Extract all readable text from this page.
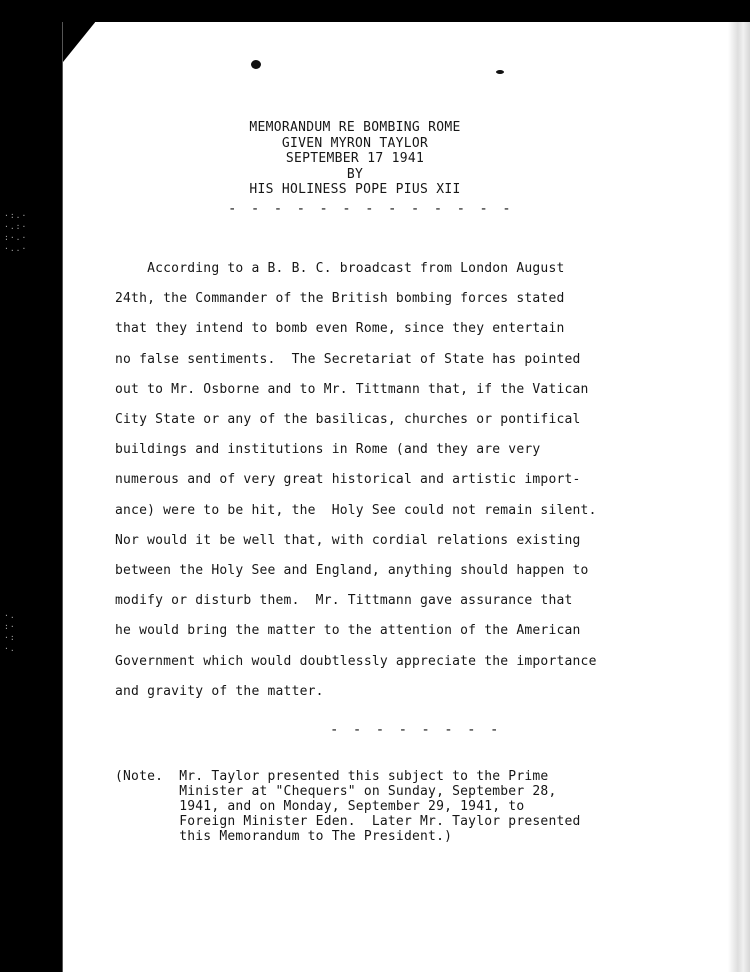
·:.·
·.:·
:·.·
·..·
·.
:·
·:
·.
MEMORANDUM RE BOMBING ROME
GIVEN MYRON TAYLOR
SEPTEMBER 17 1941
BY
HIS HOLINESS POPE PIUS XII
- - - - - - - - - - - - -
According to a B. B. C. broadcast from London August
24th, the Commander of the British bombing forces stated
that they intend to bomb even Rome, since they entertain
no false sentiments.  The Secretariat of State has pointed
out to Mr. Osborne and to Mr. Tittmann that, if the Vatican
City State or any of the basilicas, churches or pontifical
buildings and institutions in Rome (and they are very
numerous and of very great historical and artistic import-
ance) were to be hit, the  Holy See could not remain silent.
Nor would it be well that, with cordial relations existing
between the Holy See and England, anything should happen to
modify or disturb them.  Mr. Tittmann gave assurance that
he would bring the matter to the attention of the American
Government which would doubtlessly appreciate the importance
and gravity of the matter.
- - - - - - - -
(Note.  Mr. Taylor presented this subject to the Prime
Minister at "Chequers" on Sunday, September 28,
1941, and on Monday, September 29, 1941, to
Foreign Minister Eden.  Later Mr. Taylor presented
this Memorandum to The President.)
